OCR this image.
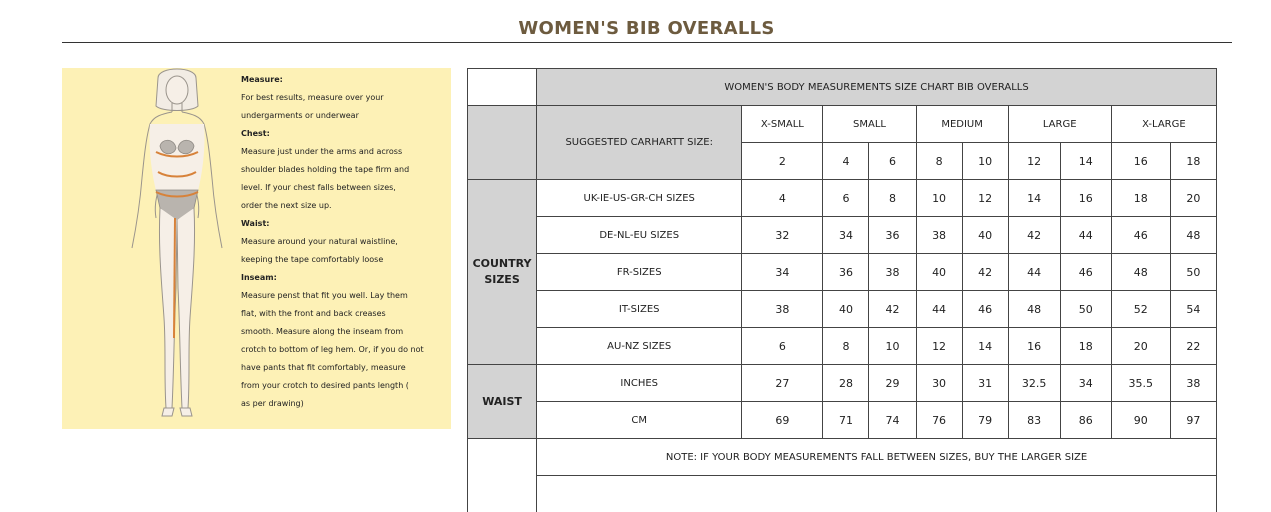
WOMEN'S BIB OVERALLS
Measure:
For best results, measure over your
undergarments or underwear
Chest:
Measure just under the arms and across
shoulder blades holding the tape firm and
level. If your chest falls between sizes,
order the next size up.
Waist:
Measure around your natural waistline,
keeping the tape comfortably loose
Inseam:
Measure penst that fit you well. Lay them
flat, with the front and back creases
smooth. Measure along the inseam from
crotch to bottom of leg hem. Or, if you do not
have pants that fit comfortably, measure
from your crotch to desired pants length (
as per drawing)
	WOMEN'S BODY MEASUREMENTS SIZE CHART BIB OVERALLS									
	SUGGESTED CARHARTT SIZE:	X-SMALL	SMALL		MEDIUM		LARGE		X-LARGE	
		2	4	6	8	10	12	14	16	18
COUNTRY SIZES	UK-IE-US-GR-CH SIZES	4	6	8	10	12	14	16	18	20
	DE-NL-EU SIZES	32	34	36	38	40	42	44	46	48
	FR-SIZES	34	36	38	40	42	44	46	48	50
	IT-SIZES	38	40	42	44	46	48	50	52	54
	AU-NZ SIZES	6	8	10	12	14	16	18	20	22
WAIST	INCHES	27	28	29	30	31	32.5	34	35.5	38
	CM	69	71	74	76	79	83	86	90	97
	NOTE: IF YOUR BODY MEASUREMENTS FALL BETWEEN SIZES, BUY THE LARGER SIZE									
